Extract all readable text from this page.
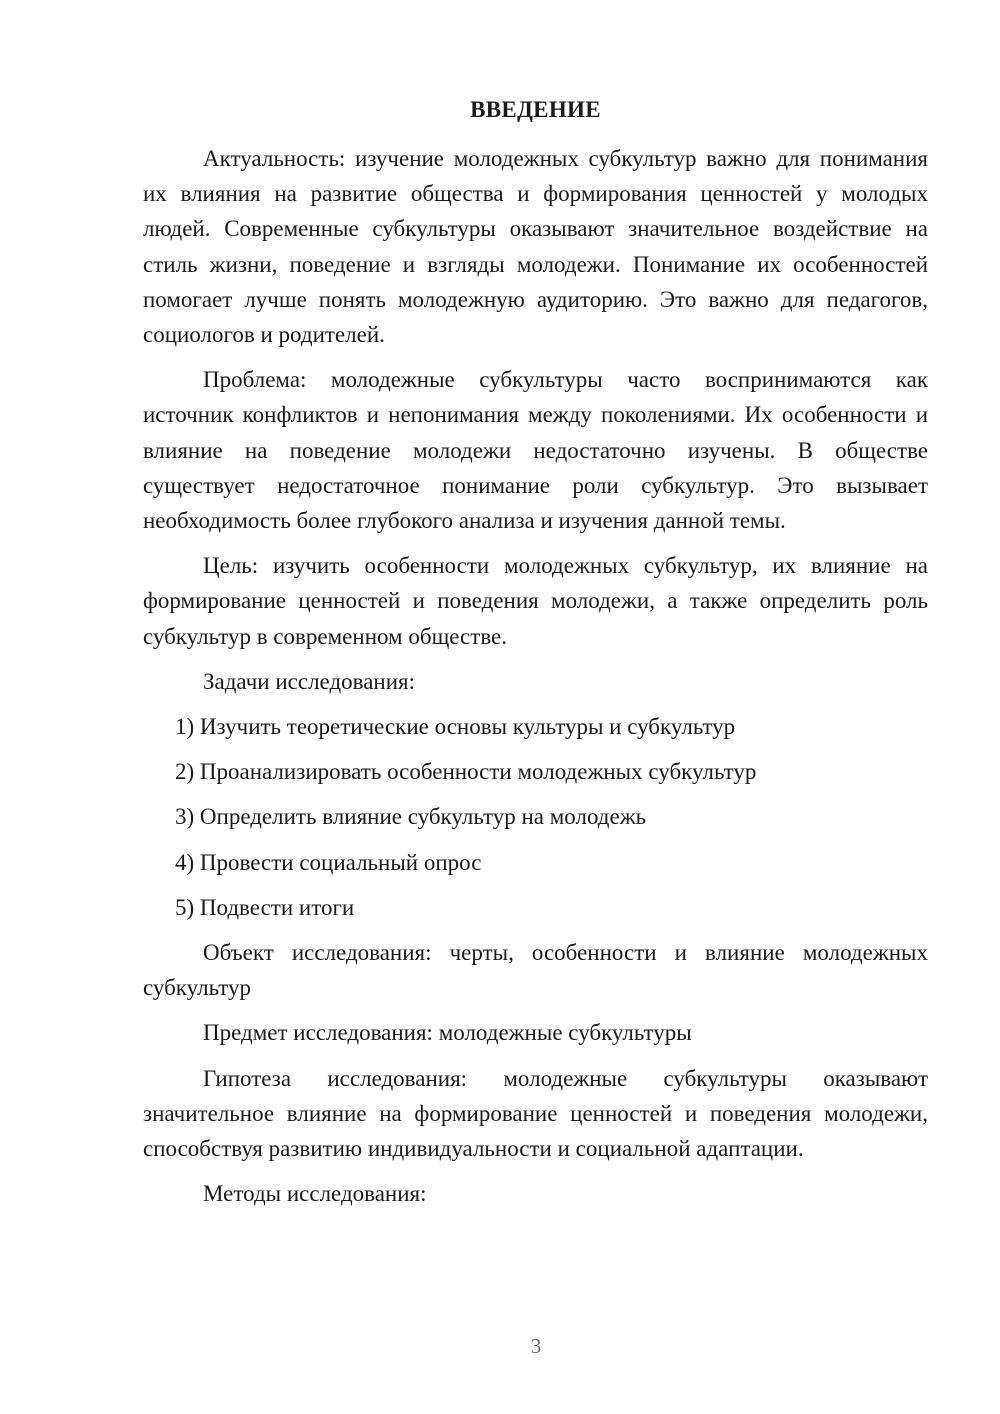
ВВЕДЕНИЕ

Актуальность: изучение молодежных субкультур важно для понимания их влияния на развитие общества и формирования ценностей у молодых людей. Современные субкультуры оказывают значительное воздействие на стиль жизни, поведение и взгляды молодежи. Понимание их особенностей помогает лучше понять молодежную аудиторию. Это важно для педагогов, социологов и родителей.

Проблема: молодежные субкультуры часто воспринимаются как источник конфликтов и непонимания между поколениями. Их особенности и влияние на поведение молодежи недостаточно изучены. В обществе существует недостаточное понимание роли субкультур. Это вызывает необходимость более глубокого анализа и изучения данной темы.

Цель: изучить особенности молодежных субкультур, их влияние на формирование ценностей и поведения молодежи, а также определить роль субкультур в современном обществе.

Задачи исследования:

1) Изучить теоретические основы культуры и субкультур
2) Проанализировать особенности молодежных субкультур
3) Определить влияние субкультур на молодежь
4) Провести социальный опрос
5) Подвести итоги

Объект исследования: черты, особенности и влияние молодежных субкультур

Предмет исследования: молодежные субкультуры

Гипотеза исследования: молодежные субкультуры оказывают значительное влияние на формирование ценностей и поведения молодежи, способствуя развитию индивидуальности и социальной адаптации.

Методы исследования:

3
